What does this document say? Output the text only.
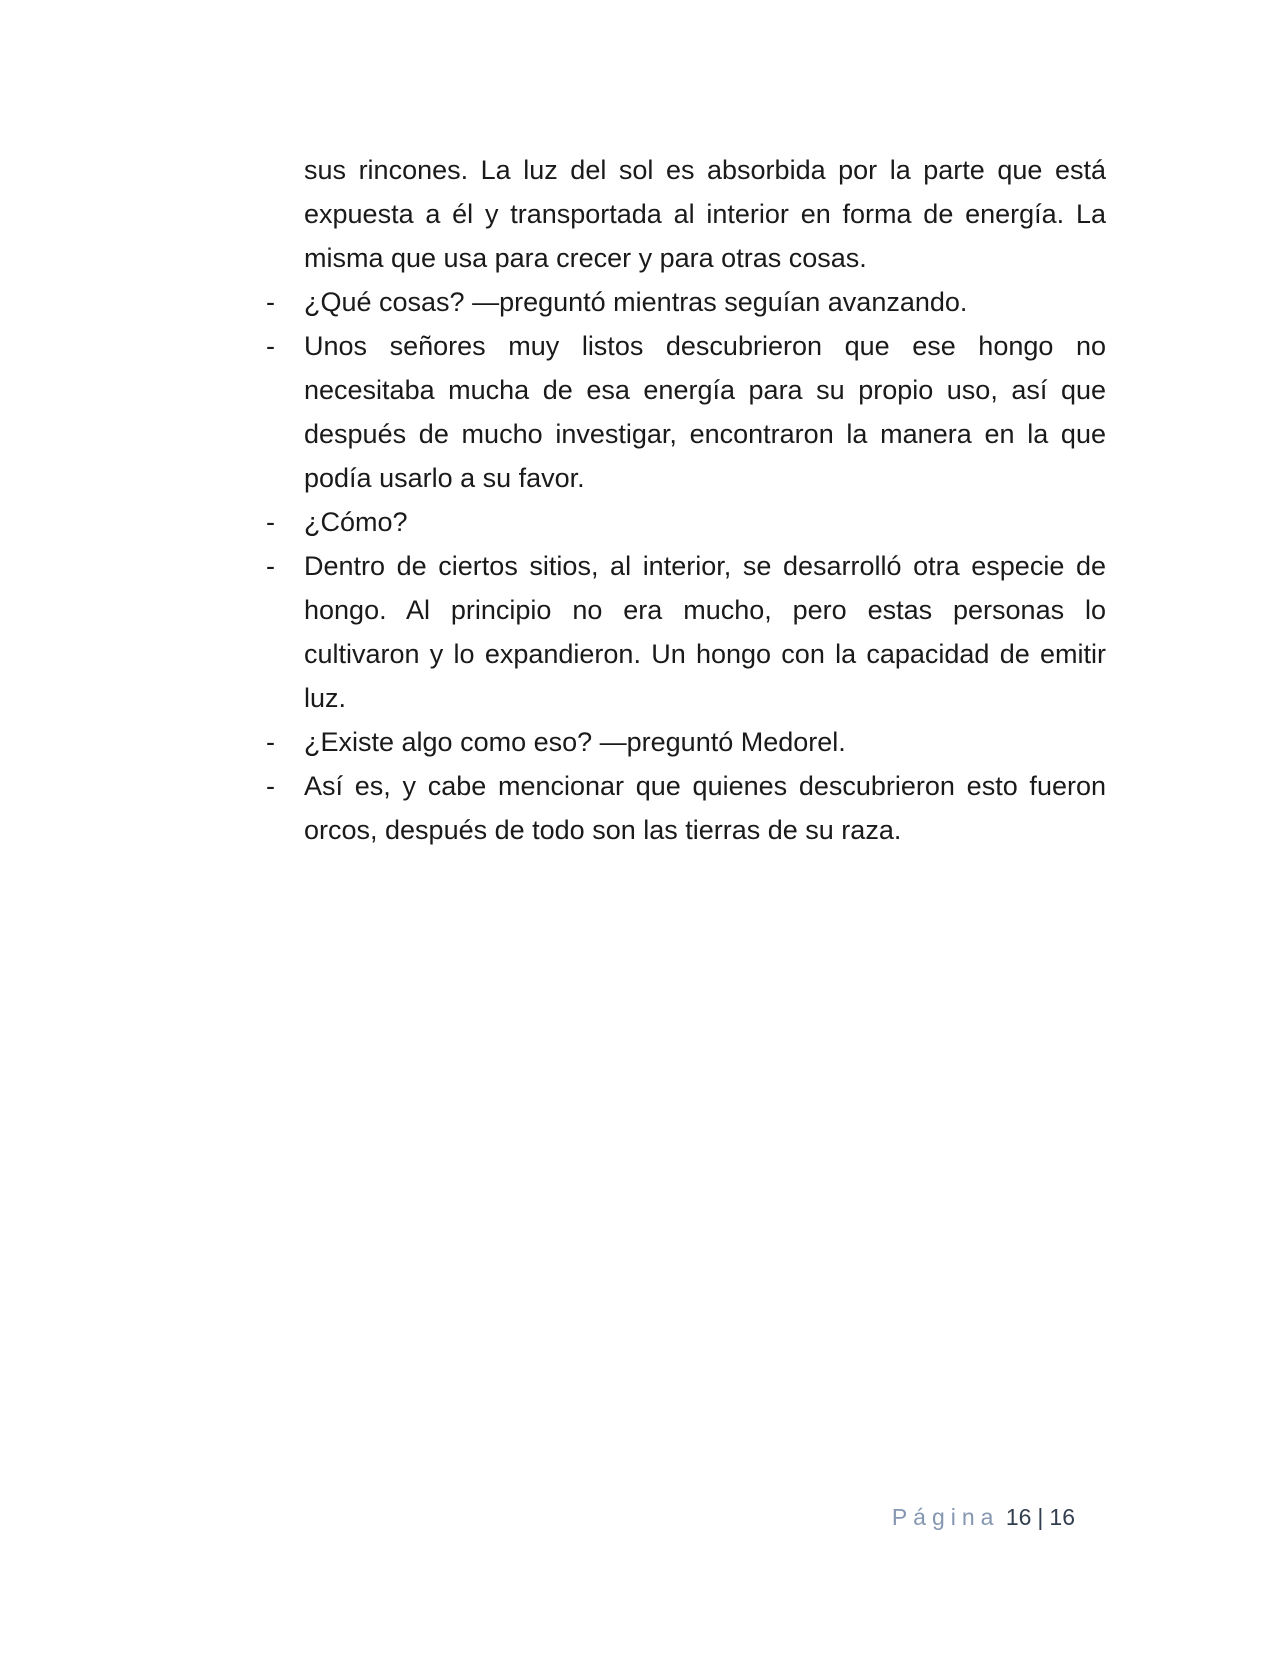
sus rincones. La luz del sol es absorbida por la parte que está expuesta a él y transportada al interior en forma de energía. La misma que usa para crecer y para otras cosas.

-	¿Qué cosas? —preguntó mientras seguían avanzando.

-	Unos señores muy listos descubrieron que ese hongo no necesitaba mucha de esa energía para su propio uso, así que después de mucho investigar, encontraron la manera en la que podía usarlo a su favor.

-	¿Cómo?

-	Dentro de ciertos sitios, al interior, se desarrolló otra especie de hongo. Al principio no era mucho, pero estas personas lo cultivaron y lo expandieron. Un hongo con la capacidad de emitir luz.

-	¿Existe algo como eso? —preguntó Medorel.

-	Así es, y cabe mencionar que quienes descubrieron esto fueron orcos, después de todo son las tierras de su raza.

Página 16 | 16
